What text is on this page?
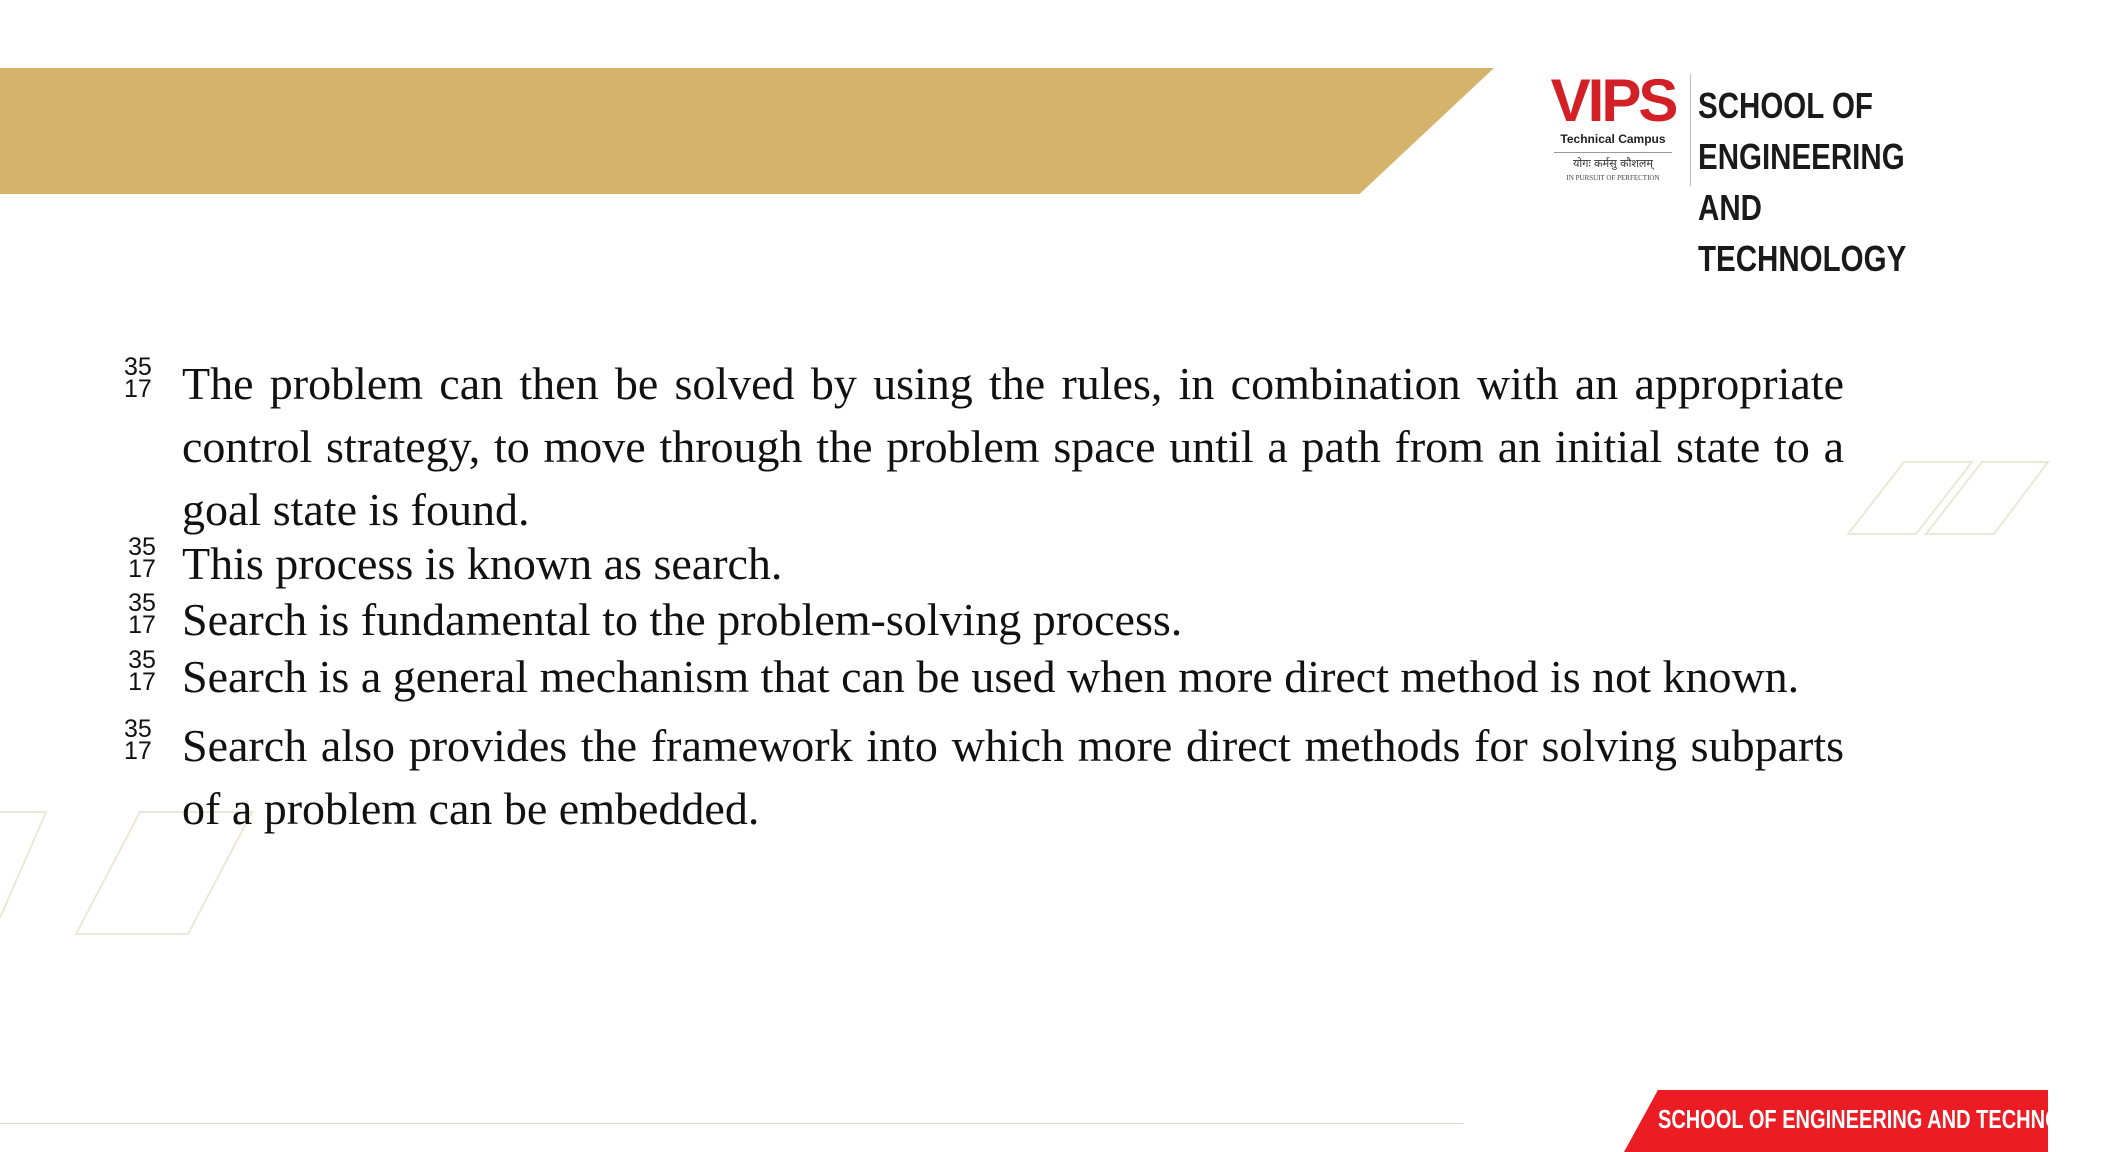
VIPS
Technical Campus
योगः कर्मसु कौशलम्
IN PURSUIT OF PERFECTION
SCHOOL OF ENGINEERING
AND TECHNOLOGY
35
17 The problem can then be solved by using the rules, in combination with an appropriate control strategy, to move through the problem space until a path from an initial state to a goal state is found.
35
17 This process is known as search.
35
17 Search is fundamental to the problem-solving process.
35
17 Search is a general mechanism that can be used when more direct method is not known.
35
17 Search also provides the framework into which more direct methods for solving subparts of a problem can be embedded.
SCHOOL OF ENGINEERING AND TECHNOLOGY
